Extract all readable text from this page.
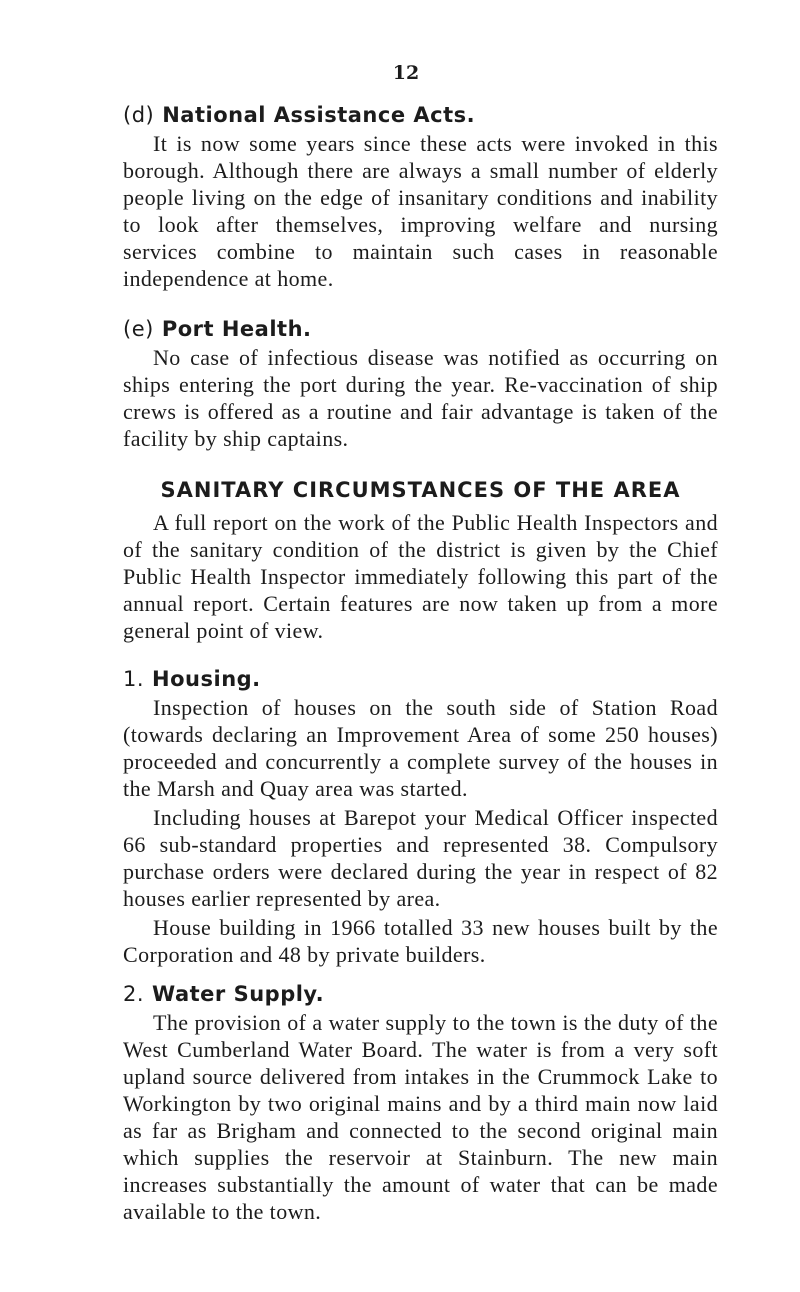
12
(d) National Assistance Acts.

It is now some years since these acts were invoked in this borough. Although there are always a small number of elderly people living on the edge of insanitary conditions and inability to look after themselves, improving welfare and nursing services combine to maintain such cases in reasonable independence at home.

(e) Port Health.

No case of infectious disease was notified as occurring on ships entering the port during the year. Re-vaccination of ship crews is offered as a routine and fair advantage is taken of the facility by ship captains.

SANITARY CIRCUMSTANCES OF THE AREA

A full report on the work of the Public Health Inspectors and of the sanitary condition of the district is given by the Chief Public Health Inspector immediately following this part of the annual report. Certain features are now taken up from a more general point of view.

1. Housing.

Inspection of houses on the south side of Station Road (towards declaring an Improvement Area of some 250 houses) proceeded and concurrently a complete survey of the houses in the Marsh and Quay area was started.

Including houses at Barepot your Medical Officer inspected 66 sub-standard properties and represented 38. Compulsory purchase orders were declared during the year in respect of 82 houses earlier represented by area.

House building in 1966 totalled 33 new houses built by the Corporation and 48 by private builders.

2. Water Supply.

The provision of a water supply to the town is the duty of the West Cumberland Water Board. The water is from a very soft upland source delivered from intakes in the Crummock Lake to Workington by two original mains and by a third main now laid as far as Brigham and connected to the second original main which supplies the reservoir at Stainburn. The new main increases substantially the amount of water that can be made available to the town.
